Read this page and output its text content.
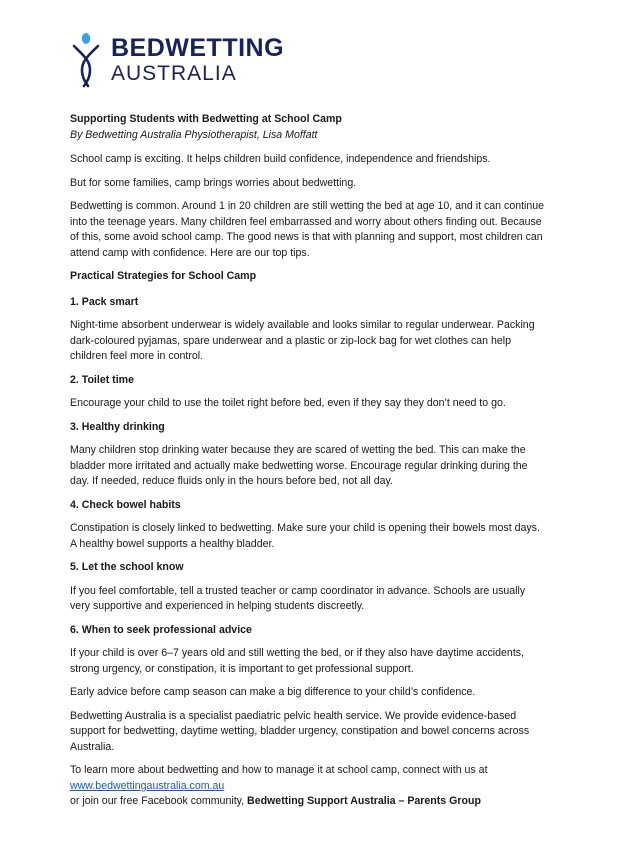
BEDWETTING
AUSTRALIA

Supporting Students with Bedwetting at School Camp

By Bedwetting Australia Physiotherapist, Lisa Moffatt

School camp is exciting. It helps children build confidence, independence and friendships.

But for some families, camp brings worries about bedwetting.

Bedwetting is common. Around 1 in 20 children are still wetting the bed at age 10, and it can continue into the teenage years. Many children feel embarrassed and worry about others finding out. Because of this, some avoid school camp. The good news is that with planning and support, most children can attend camp with confidence. Here are our top tips.

Practical Strategies for School Camp

1. Pack smart

Night-time absorbent underwear is widely available and looks similar to regular underwear. Packing dark-coloured pyjamas, spare underwear and a plastic or zip-lock bag for wet clothes can help children feel more in control.

2. Toilet time

Encourage your child to use the toilet right before bed, even if they say they don’t need to go.

3. Healthy drinking

Many children stop drinking water because they are scared of wetting the bed. This can make the bladder more irritated and actually make bedwetting worse. Encourage regular drinking during the day. If needed, reduce fluids only in the hours before bed, not all day.

4. Check bowel habits

Constipation is closely linked to bedwetting. Make sure your child is opening their bowels most days. A healthy bowel supports a healthy bladder.

5. Let the school know

If you feel comfortable, tell a trusted teacher or camp coordinator in advance. Schools are usually very supportive and experienced in helping students discreetly.

6. When to seek professional advice

If your child is over 6–7 years old and still wetting the bed, or if they also have daytime accidents, strong urgency, or constipation, it is important to get professional support.

Early advice before camp season can make a big difference to your child’s confidence.

Bedwetting Australia is a specialist paediatric pelvic health service. We provide evidence-based support for bedwetting, daytime wetting, bladder urgency, constipation and bowel concerns across Australia.

To learn more about bedwetting and how to manage it at school camp, connect with us at
www.bedwettingaustralia.com.au
or join our free Facebook community, Bedwetting Support Australia – Parents Group
